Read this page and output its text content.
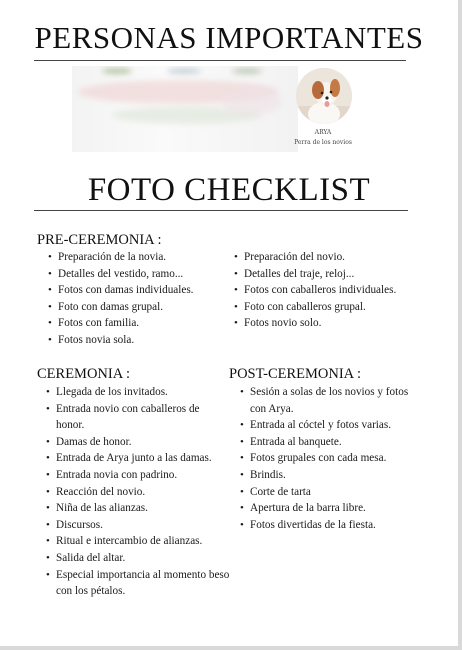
PERSONAS IMPORTANTES
ARYA
Perra de los novios
FOTO CHECKLIST
PRE-CEREMONIA :
• Preparación de la novia.
• Detalles del vestido, ramo...
• Fotos con damas individuales.
• Foto con damas grupal.
• Fotos con familia.
• Fotos novia sola.
• Preparación del novio.
• Detalles del traje, reloj...
• Fotos con caballeros individuales.
• Foto con caballeros grupal.
• Fotos novio solo.
CEREMONIA :
• Llegada de los invitados.
• Entrada novio con caballeros de honor.
• Damas de honor.
• Entrada de Arya junto a las damas.
• Entrada novia con padrino.
• Reacción del novio.
• Niña de las alianzas.
• Discursos.
• Ritual e intercambio de alianzas.
• Salida del altar.
• Especial importancia al momento beso con los pétalos.
POST-CEREMONIA :
• Sesión a solas de los novios y fotos con Arya.
• Entrada al cóctel y fotos varias.
• Entrada al banquete.
• Fotos grupales con cada mesa.
• Brindis.
• Corte de tarta
• Apertura de la barra libre.
• Fotos divertidas de la fiesta.
